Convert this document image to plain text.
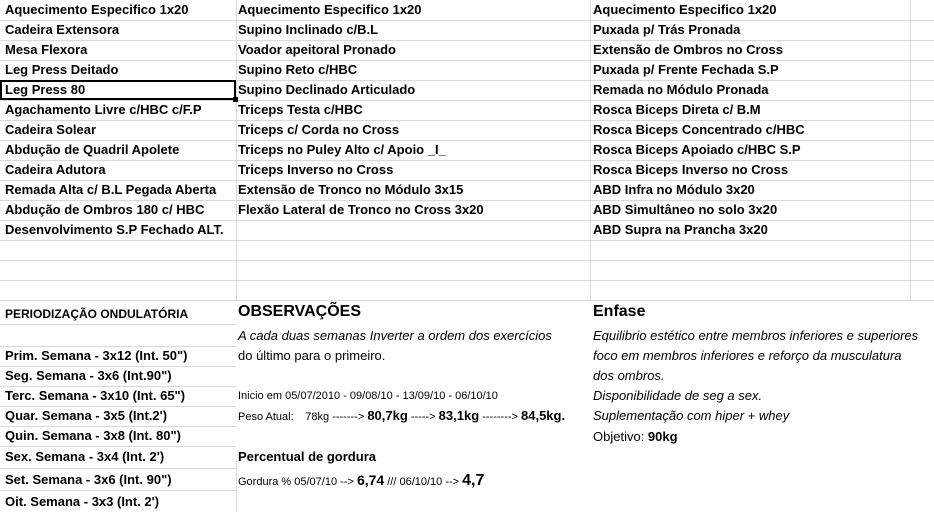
Aquecimento Especifico 1x20
Cadeira Extensora
Mesa Flexora
Leg Press Deitado
Leg Press 80
Agachamento Livre c/HBC c/F.P
Cadeira Solear
Abdução de Quadril Apolete
Cadeira Adutora
Remada Alta c/ B.L Pegada Aberta
Abdução de Ombros 180 c/ HBC
Desenvolvimento S.P Fechado ALT.
Aquecimento Especifico 1x20
Supino Inclinado c/B.L
Voador apeitoral Pronado
Supino Reto c/HBC
Supino Declinado Articulado
Triceps Testa c/HBC
Triceps c/ Corda no Cross
Triceps no Puley Alto c/ Apoio _I_
Triceps Inverso no Cross
Extensão de Tronco no Módulo 3x15
Flexão Lateral de Tronco no Cross 3x20
Aquecimento Especifico 1x20
Puxada p/ Trás Pronada
Extensão de Ombros no Cross
Puxada p/ Frente Fechada S.P
Remada no Módulo Pronada
Rosca Biceps Direta c/ B.M
Rosca Biceps Concentrado c/HBC
Rosca Biceps Apoiado c/HBC S.P
Rosca Biceps Inverso no Cross
ABD Infra no Módulo 3x20
ABD Simultâneo no solo 3x20
ABD Supra na Prancha 3x20
PERIODIZAÇÃO ONDULATÓRIA
Prim. Semana - 3x12 (Int. 50")
Seg. Semana - 3x6 (Int.90")
Terc. Semana - 3x10 (Int. 65")
Quar. Semana - 3x5 (Int.2')
Quin. Semana - 3x8 (Int. 80")
Sex. Semana - 3x4 (Int. 2')
Set. Semana - 3x6 (Int. 90")
Oit. Semana - 3x3 (Int. 2')
OBSERVAÇÕES
A cada duas semanas Inverter a ordem dos exercícios
do último para o primeiro.
Inicio em 05/07/2010 - 09/08/10 - 13/09/10 - 06/10/10
Peso Atual: 78kg -------> 80,7kg -----> 83,1kg --------> 84,5kg.
Percentual de gordura
Gordura % 05/07/10 --> 6,74 /// 06/10/10 --> 4,7
Enfase
Equilibrio estético entre membros inferiores e superiores
foco em membros inferiores e reforço da musculatura
dos ombros.
Disponibilidade de seg a sex.
Suplementação com hiper + whey
Objetivo: 90kg
